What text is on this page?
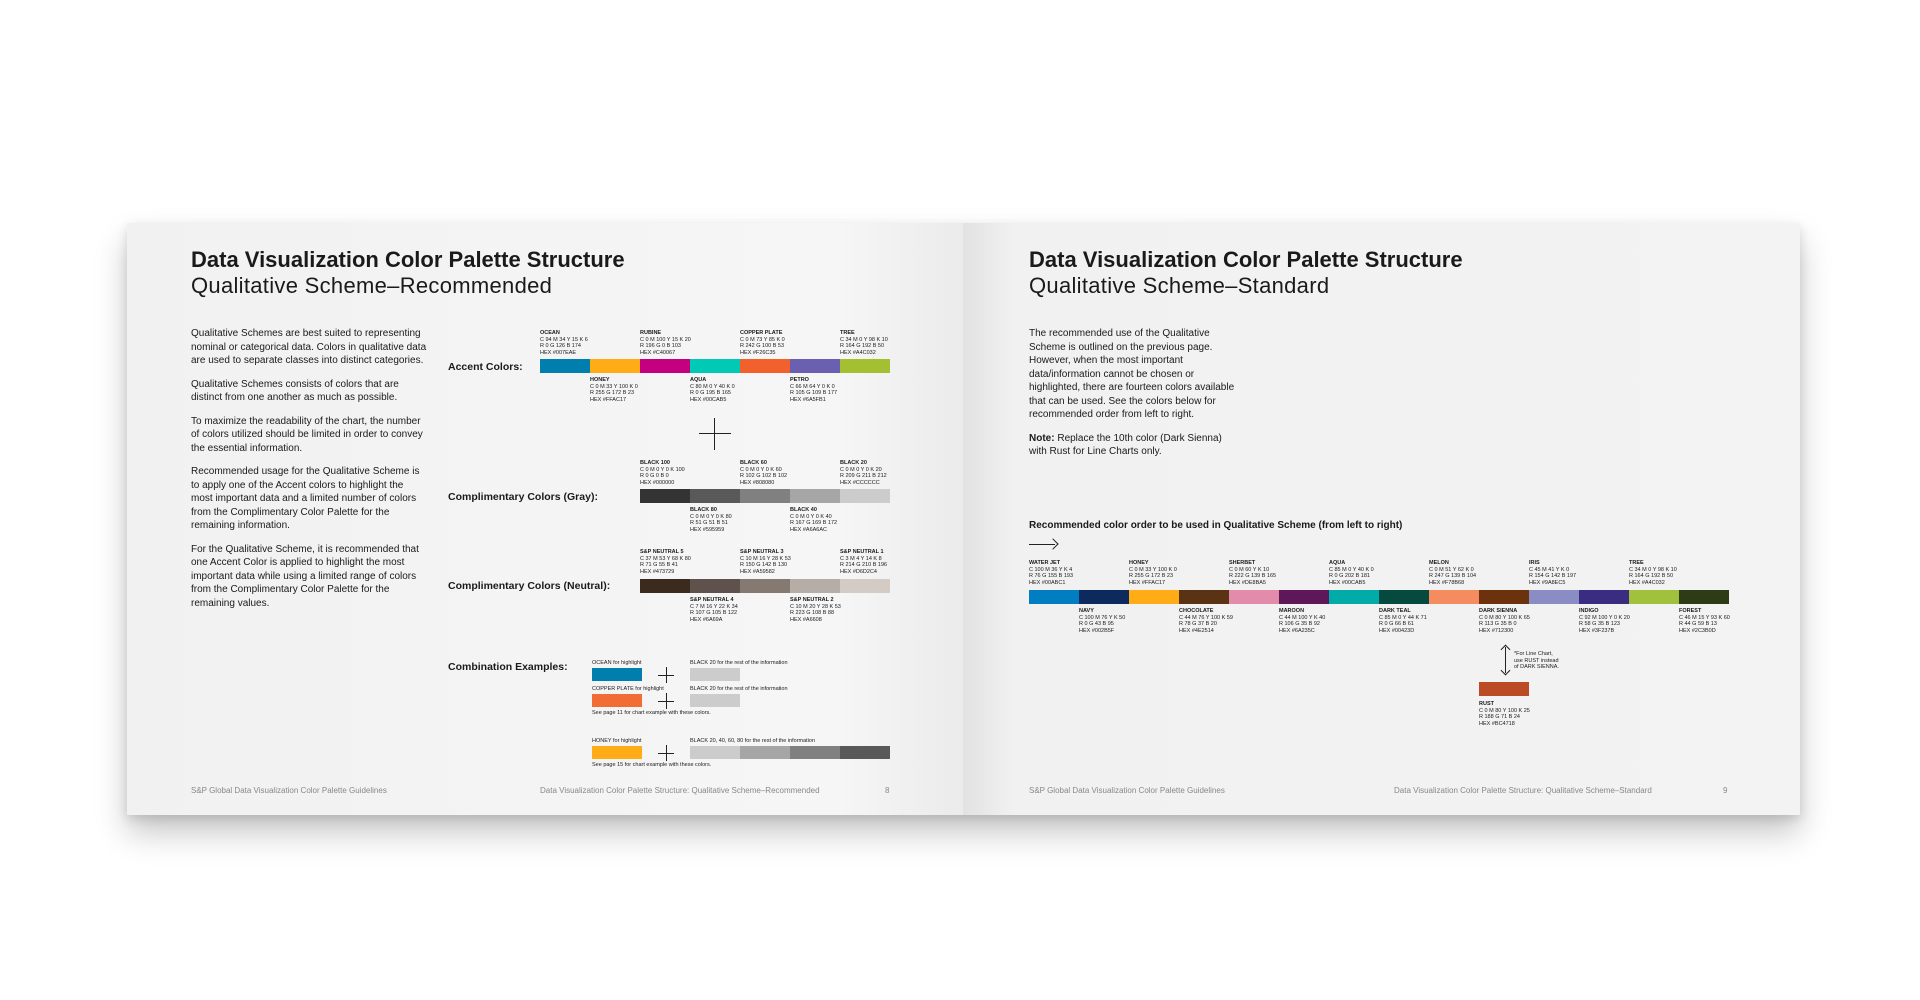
Data Visualization Color Palette Structure
Qualitative Scheme–Recommended

Qualitative Schemes are best suited to representing nominal or categorical data. Colors in qualitative data are used to separate classes into distinct categories.

Qualitative Schemes consists of colors that are distinct from one another as much as possible.

To maximize the readability of the chart, the number of colors utilized should be limited in order to convey the essential information.

Recommended usage for the Qualitative Scheme is to apply one of the Accent colors to highlight the most important data and a limited number of colors from the Complimentary Color Palette for the remaining information.

For the Qualitative Scheme, it is recommended that one Accent Color is applied to highlight the most important data while using a limited range of colors from the Complimentary Color Palette for the remaining values.

Accent Colors:
OCEAN
C 94 M 34 Y 15 K 6
R 0 G 126 B 174
HEX #007EAE
RUBINE
C 0 M 100 Y 15 K 20
R 196 G 0 B 103
HEX #C40067
COPPER PLATE
C 0 M 73 Y 85 K 0
R 242 G 100 B 53
HEX #F26C35
TREE
C 34 M 0 Y 98 K 10
R 164 G 192 B 50
HEX #A4C032
HONEY
C 0 M 33 Y 100 K 0
R 255 G 172 B 23
HEX #FFAC17
AQUA
C 80 M 0 Y 40 K 0
R 0 G 195 B 165
HEX #00CAB5
PETRO
C 66 M 64 Y 0 K 0
R 105 G 109 B 177
HEX #6A5FB1
Complimentary Colors (Gray):
BLACK 100
C 0 M 0 Y 0 K 100
R 0 G 0 B 0
HEX #000000
BLACK 60
C 0 M 0 Y 0 K 60
R 102 G 102 B 102
HEX #808080
BLACK 20
C 0 M 0 Y 0 K 20
R 209 G 211 B 212
HEX #CCCCCC
BLACK 80
C 0 M 0 Y 0 K 80
R 51 G 51 B 51
HEX #595959
BLACK 40
C 0 M 0 Y 0 K 40
R 167 G 169 B 172
HEX #A6A6AC
Complimentary Colors (Neutral):
S&P NEUTRAL 5
C 37 M 53 Y 68 K 80
R 71 G 55 B 41
HEX #473729
S&P NEUTRAL 3
C 10 M 16 Y 28 K 53
R 150 G 142 B 130
HEX #A59582
S&P NEUTRAL 1
C 3 M 4 Y 14 K 8
R 214 G 210 B 196
HEX #D6D2C4
S&P NEUTRAL 4
C 7 M 16 Y 22 K 34
R 107 G 105 B 122
HEX #6A69A
S&P NEUTRAL 2
C 10 M 20 Y 28 K 53
R 223 G 108 B 88
HEX #A6608
Combination Examples:	OCEAN for highlight	BLACK 20 for the rest of the information
COPPER PLATE for highlight	BLACK 20 for the rest of the information
See page 11 for chart example with these colors.
HONEY for highlight	BLACK 20, 40, 60, 80 for the rest of the information
See page 15 for chart example with these colors.
S&P Global Data Visualization Color Palette Guidelines	Data Visualization Color Palette Structure: Qualitative Scheme–Recommended	8
Data Visualization Color Palette Structure
Qualitative Scheme–Standard

The recommended use of the Qualitative Scheme is outlined on the previous page. However, when the most important data/information cannot be chosen or highlighted, there are fourteen colors available that can be used. See the colors below for recommended order from left to right.

Note: Replace the 10th color (Dark Sienna) with Rust for Line Charts only.

Recommended color order to be used in Qualitative Scheme (from left to right)
WATER JET
C 100 M 36 Y K 4
R 76 G 155 B 193
HEX #00ABC1
HONEY
C 0 M 33 Y 100 K 0
R 255 G 172 B 23
HEX #FFAC17
SHERBET
C 0 M 60 Y K 10
R 222 G 139 B 165
HEX #DE8BA5
AQUA
C 85 M 0 Y 40 K 0
R 0 G 202 B 181
HEX #00CAB5
MELON
C 0 M 51 Y 62 K 0
R 247 G 139 B 104
HEX #F78B68
IRIS
C 45 M 41 Y K 0
R 154 G 142 B 197
HEX #9A8EC5
TREE
C 34 M 0 Y 98 K 10
R 164 G 192 B 50
HEX #A4C032
NAVY
C 100 M 76 Y K 50
R 0 G 43 B 95
HEX #002B5F
CHOCOLATE
C 44 M 76 Y 100 K 59
R 78 G 37 B 20
HEX #4E2514
MAROON
C 44 M 100 Y K 40
R 106 G 35 B 92
HEX #6A235C
DARK TEAL
C 85 M 0 Y 44 K 71
R 0 G 66 B 61
HEX #00423D
DARK SIENNA
C 0 M 80 Y 100 K 65
R 113 G 35 B 0
HEX #712300
INDIGO
C 92 M 100 Y 0 K 20
R 58 G 35 B 123
HEX #3F237B
FOREST
C 46 M 15 Y 93 K 60
R 44 G 59 B 13
HEX #2C3B0D
*For Line Chart,
use RUST instead
of DARK SIENNA.
RUST
C 0 M 80 Y 100 K 25
R 188 G 71 B 24
HEX #BC4718
S&P Global Data Visualization Color Palette Guidelines	Data Visualization Color Palette Structure: Qualitative Scheme–Standard	9
